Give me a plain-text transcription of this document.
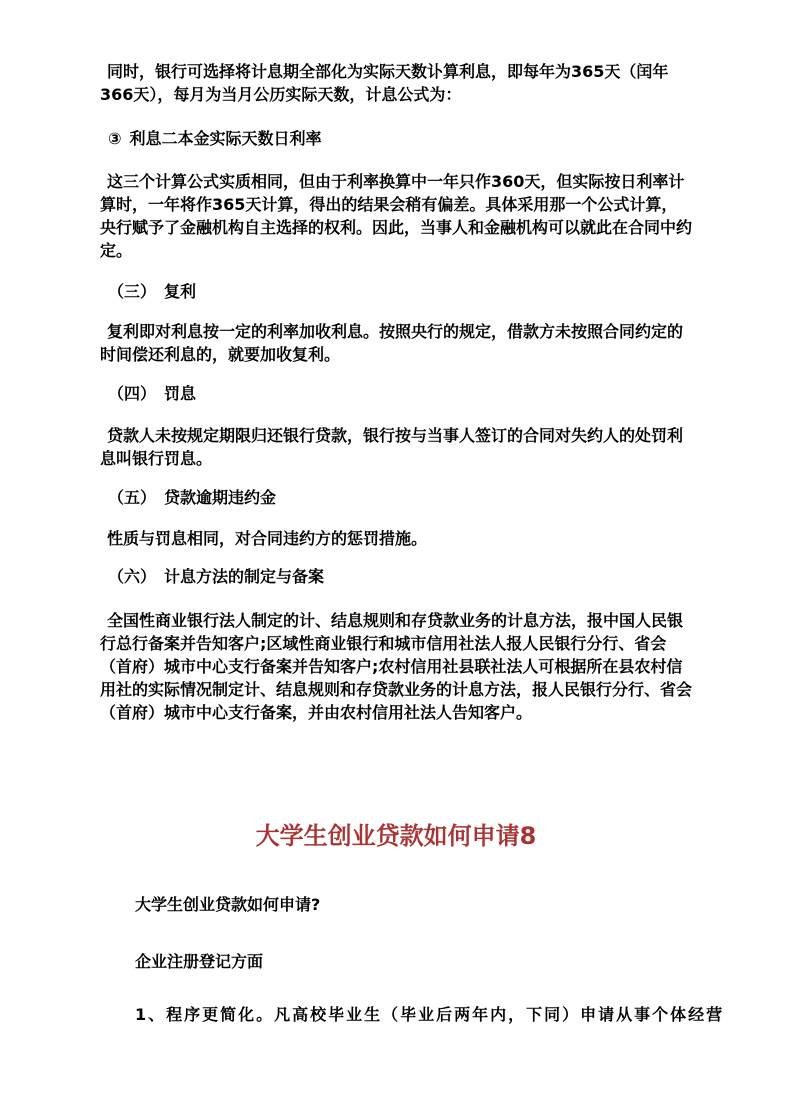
同时，银行可选择将计息期全部化为实际天数讣算利息，即每年为365天（闰年366天），每月为当月公历实际天数，计息公式为：

③ 利息二本金实际天数日利率

这三个计算公式实质相同，但由于利率换算中一年只作360天，但实际按日利率计算时，一年将作365天计算，得出的结果会稍有偏差。具体采用那一个公式计算，央行赋予了金融机构自主选择的权利。因此，当事人和金融机构可以就此在合同中约定。

（三）　复利

复利即对利息按一定的利率加收利息。按照央行的规定，借款方未按照合同约定的时间偿还利息的，就要加收复利。

（四）　罚息

贷款人未按规定期限归还银行贷款，银行按与当事人签订的合同对失约人的处罚利息叫银行罚息。

（五）　贷款逾期违约金

性质与罚息相同，对合同违约方的惩罚措施。

（六）　计息方法的制定与备案

全国性商业银行法人制定的计、结息规则和存贷款业务的计息方法，报中国人民银行总行备案并告知客户;区域性商业银行和城市信用社法人报人民银行分行、省会（首府）城市中心支行备案并告知客户;农村信用社县联社法人可根据所在县农村信用社的实际情况制定计、结息规则和存贷款业务的计息方法，报人民银行分行、省会（首府）城市中心支行备案，并由农村信用社法人告知客户。

大学生创业贷款如何申请8

大学生创业贷款如何申请?

企业注册登记方面

1、程序更简化。凡高校毕业生（毕业后两年内，下同）申请从事个体经营
